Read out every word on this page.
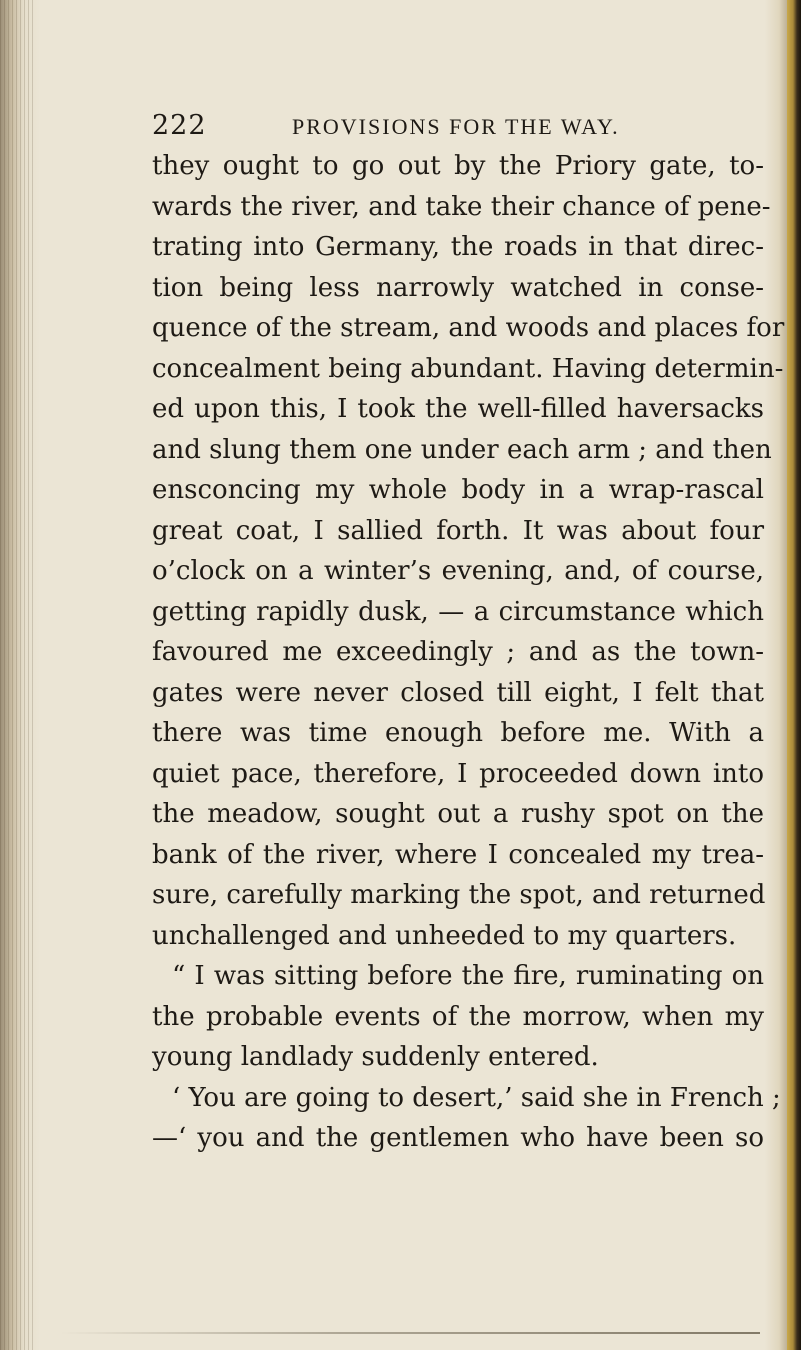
222	PROVISIONS FOR THE WAY.
they ought to go out by the Priory gate, to-
wards the river, and take their chance of pene-
trating into Germany, the roads in that direc-
tion being less narrowly watched in conse-
quence of the stream, and woods and places for
concealment being abundant. Having determin-
ed upon this, I took the well-filled haversacks
and slung them one under each arm ; and then
ensconcing my whole body in a wrap-rascal
great coat, I sallied forth. It was about four
o’clock on a winter’s evening, and, of course,
getting rapidly dusk, — a circumstance which
favoured me exceedingly ; and as the town-
gates were never closed till eight, I felt that
there was time enough before me. With a
quiet pace, therefore, I proceeded down into
the meadow, sought out a rushy spot on the
bank of the river, where I concealed my trea-
sure, carefully marking the spot, and returned
unchallenged and unheeded to my quarters.
“ I was sitting before the fire, ruminating on
the probable events of the morrow, when my
young landlady suddenly entered.
‘ You are going to desert,’ said she in French ;
—‘ you and the gentlemen who have been so
